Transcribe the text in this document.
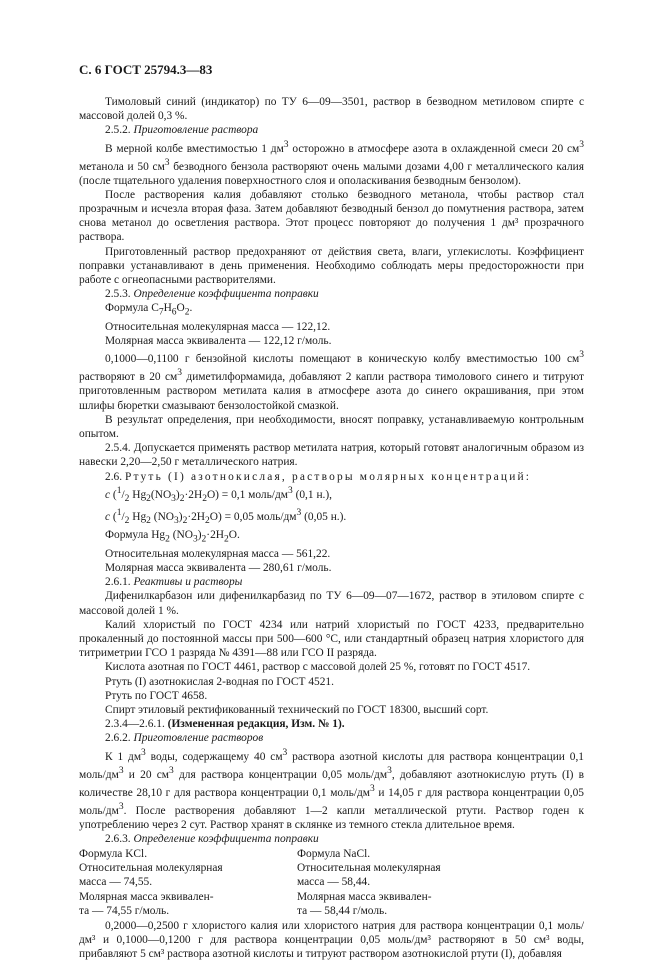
С. 6 ГОСТ 25794.3—83

Тимоловый синий (индикатор) по ТУ 6—09—3501, раствор в безводном метиловом спирте с массовой долей 0,3 %.

2.5.2. Приготовление раствора

В мерной колбе вместимостью 1 $дм^3$ осторожно в атмосфере азота в охлажденной смеси 20 $см^3$ метанола и 50 $см^3$ безводного бензола растворяют очень малыми дозами 4,00 г металлического калия (после тщательного удаления поверхностного слоя и ополаскивания безводным бензолом).

После растворения калия добавляют столько безводного метанола, чтобы раствор стал прозрачным и исчезла вторая фаза. Затем добавляют безводный бензол до помутнения раствора, затем снова метанол до осветления раствора. Этот процесс повторяют до получения 1 дм³ прозрачного раствора.

Приготовленный раствор предохраняют от действия света, влаги, углекислоты. Коэффициент поправки устанавливают в день применения. Необходимо соблюдать меры предосторожности при работе с огнеопасными растворителями.

2.5.3. Определение коэффициента поправки

Формула $C_7H_6O_2$.

Относительная молекулярная масса — 122,12.

Молярная масса эквивалента — 122,12 г/моль.

0,1000—0,1100 г бензойной кислоты помещают в коническую колбу вместимостью 100 $см^3$ растворяют в 20 $см^3$ диметилформамида, добавляют 2 капли раствора тимолового синего и титруют приготовленным раствором метилата калия в атмосфере азота до синего окрашивания, при этом шлифы бюретки смазывают бензолостойкой смазкой.

В результат определения, при необходимости, вносят поправку, устанавливаемую контрольным опытом.

2.5.4. Допускается применять раствор метилата натрия, который готовят аналогичным образом из навески 2,20—2,50 г металлического натрия.

2.6. Ртуть (I) азотнокислая, растворы молярных концентраций:

c ($^1/_2$ $Hg_2(NO_3)_2\cdot 2H_2O) = 0,1$ моль/$дм^3$ (0,1 н.),

c ($^1/_2$ $Hg_2$ $(NO_3)_2\cdot 2H_2O) = 0,05$ моль/$дм^3$ (0,05 н.).

Формула $Hg_2$ $(NO_3)_2\cdot 2H_2O$.

Относительная молекулярная масса — 561,22.

Молярная масса эквивалента — 280,61 г/моль.

2.6.1. Реактивы и растворы

Дифенилкарбазон или дифенилкарбазид по ТУ 6—09—07—1672, раствор в этиловом спирте с массовой долей 1 %.

Калий хлористый по ГОСТ 4234 или натрий хлористый по ГОСТ 4233, предварительно прокаленный до постоянной массы при 500—600 °С, или стандартный образец натрия хлористого для титриметрии ГСО 1 разряда № 4391—88 или ГСО II разряда.

Кислота азотная по ГОСТ 4461, раствор с массовой долей 25 %, готовят по ГОСТ 4517.

Ртуть (I) азотнокислая 2-водная по ГОСТ 4521.

Ртуть по ГОСТ 4658.

Спирт этиловый ректификованный технический по ГОСТ 18300, высший сорт.

2.3.4—2.6.1. (Измененная редакция, Изм. № 1).

2.6.2. Приготовление растворов

К 1 $дм^3$ воды, содержащему 40 $см^3$ раствора азотной кислоты для раствора концентрации 0,1 моль/$дм^3$ и 20 $см^3$ для раствора концентрации 0,05 моль/$дм^3$, добавляют азотнокислую ртуть (I) в количестве 28,10 г для раствора концентрации 0,1 моль/$дм^3$ и 14,05 г для раствора концентрации 0,05 моль/$дм^3$. После растворения добавляют 1—2 капли металлической ртути. Раствор годен к употреблению через 2 сут. Раствор хранят в склянке из темного стекла длительное время.

2.6.3. Определение коэффициента поправки

Формула KCl.

Относительная молекулярная

масса — 74,55.

Молярная масса эквивален-

та — 74,55 г/моль.

Формула NaCl.

Относительная молекулярная

масса — 58,44.

Молярная масса эквивален-

та — 58,44 г/моль.

0,2000—0,2500 г хлористого калия или хлористого натрия для раствора концентрации 0,1 моль/дм³ и 0,1000—0,1200 г для раствора концентрации 0,05 моль/дм³ растворяют в 50 см³ воды, прибавляют 5 см³ раствора азотной кислоты и титруют раствором азотнокислой ртути (I), добавляя
